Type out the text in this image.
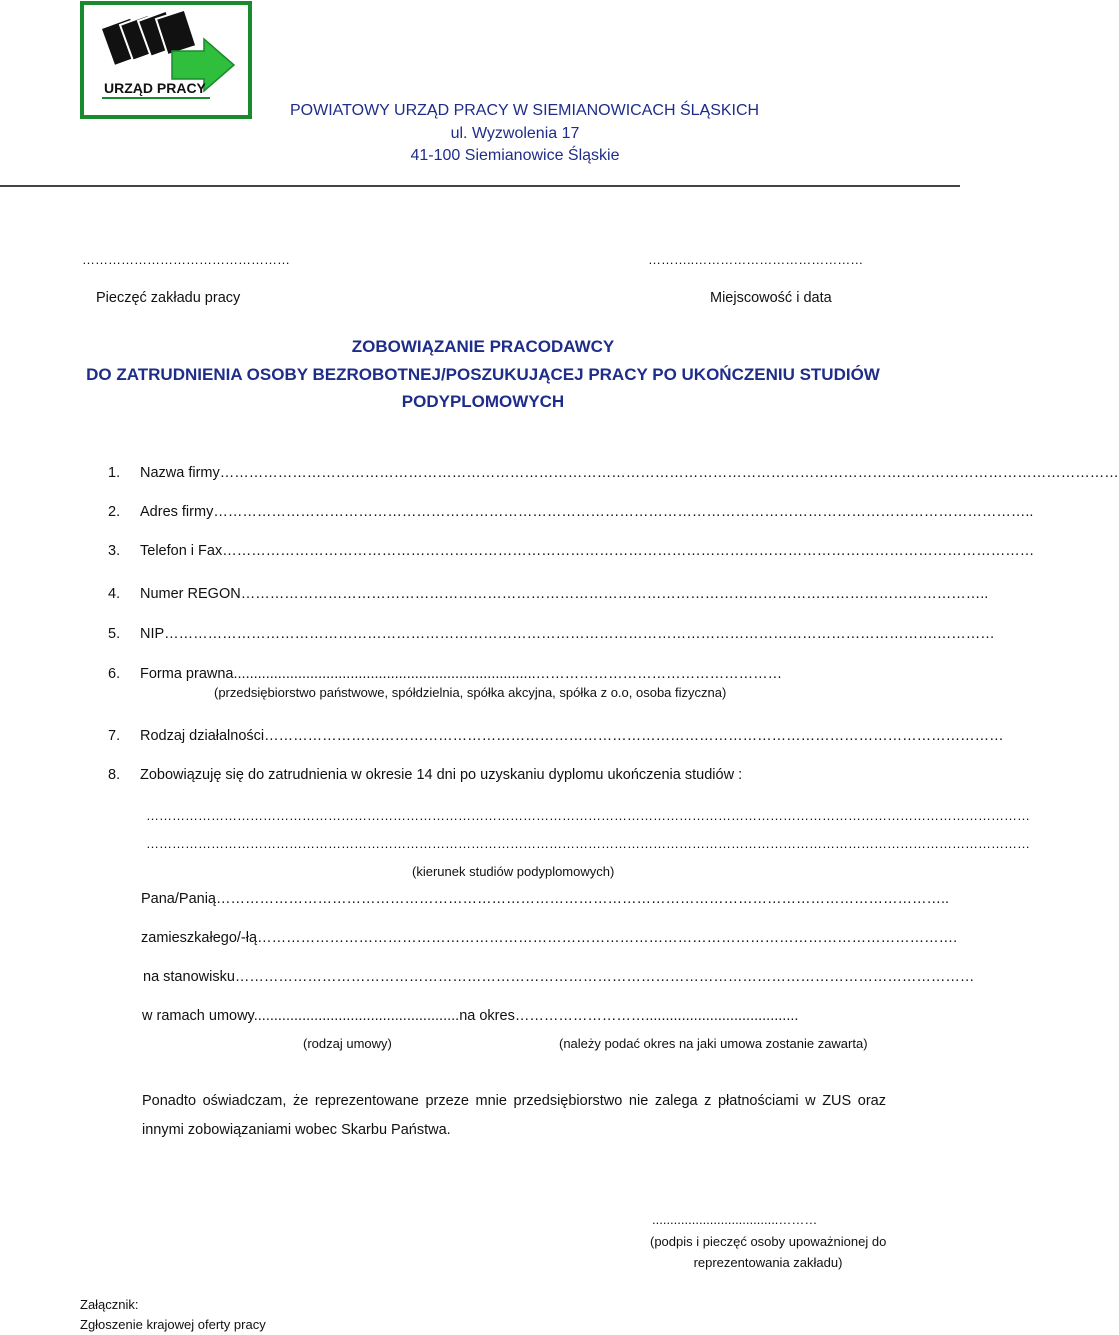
URZĄD PRACY
POWIATOWY URZĄD PRACY W SIEMIANOWICACH ŚLĄSKICH
ul. Wyzwolenia 17
41-100 Siemianowice Śląskie
…………………………………………	………..…………………………………
Pieczęć zakładu pracy	Miejscowość i data
ZOBOWIĄZANIE PRACODAWCY
DO ZATRUDNIENIA OSOBY BEZROBOTNEJ/POSZUKUJĄCEJ PRACY PO UKOŃCZENIU STUDIÓW
PODYPLOMOWYCH
1. Nazwa firmy……………………………………………………………………………………………………………………………………………………………………
2. Adres firmy……………………………………………………………………………………………………………………………………………………..
3. Telefon i Fax……………………………………………………………………………………………………………………………………………………
4. Numer REGON………………………………………………………………………………………………………………………………………..
5. NIP…………………………………………………………………………………………………………………………………………….…………
6. Forma prawna...........................................................................……………………………………………
(przedsiębiorstwo państwowe, spółdzielnia, spółka akcyjna, spółka z o.o, osoba fizyczna)
7. Rodzaj działalności………………………………………………………………………………………………………………………………………
8. Zobowiązuję się do zatrudnienia w okresie 14 dni po uzyskaniu dyplomu ukończenia studiów :
……………………………………………………………………………………………………………………………………………………………………………………
……………………………………………………………………………………………………………………………………………………………………………………
(kierunek studiów podyplomowych)
Pana/Panią……………………………………………………………………………………………………………………………………..
zamieszkałego/-łą……………………………………………………………………………………………………………………………….
na stanowisku………………………………………………………………………………………………………………………………………
w ramach umowy...................................................na okres………………………......................................
(rodzaj umowy)	(należy podać okres na jaki umowa zostanie zawarta)
Ponadto oświadczam, że reprezentowane przeze mnie przedsiębiorstwo nie zalega z płatnościami w ZUS oraz innymi zobowiązaniami wobec Skarbu Państwa.
...................................………
(podpis i pieczęć osoby upoważnionej do
reprezentowania zakładu)
Załącznik:
Zgłoszenie krajowej oferty pracy
